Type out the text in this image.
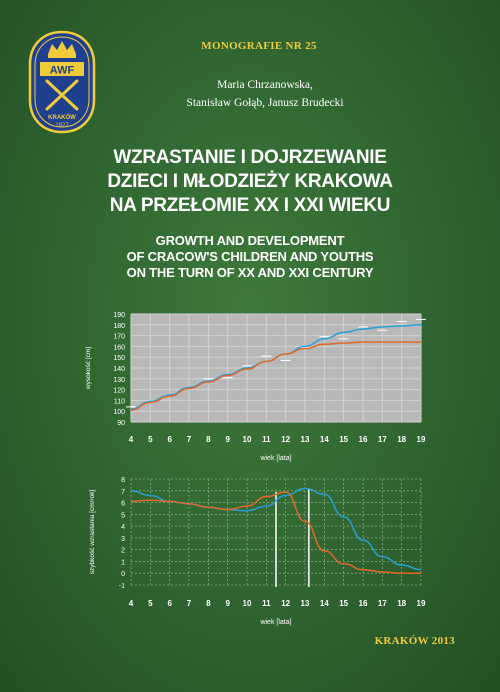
AWF
KRAKÓW
1927
MONOGRAFIE NR 25
Maria Chrzanowska,
Stanisław Gołąb, Janusz Brudecki
WZRASTANIE I DOJRZEWANIE
DZIECI I MŁODZIEŻY KRAKOWA
NA PRZEŁOMIE XX I XXI WIEKU
GROWTH AND DEVELOPMENT
OF CRACOW'S CHILDREN AND YOUTHS
ON THE TURN OF XX AND XXI CENTURY
90
100
110
120
130
140
150
160
170
180
190
4 5 6 7 8 9 10 11 12 13 14 15 16 17 18 19
wiek [lata]
wysokość [cm]
-1
0
1
2
3
4
5
6
7
8
4 5 6 7 8 9 10 11 12 13 14 15 16 17 18 19
wiek [lata]
szybkość wzrastania [cm/rok]
KRAKÓW 2013
